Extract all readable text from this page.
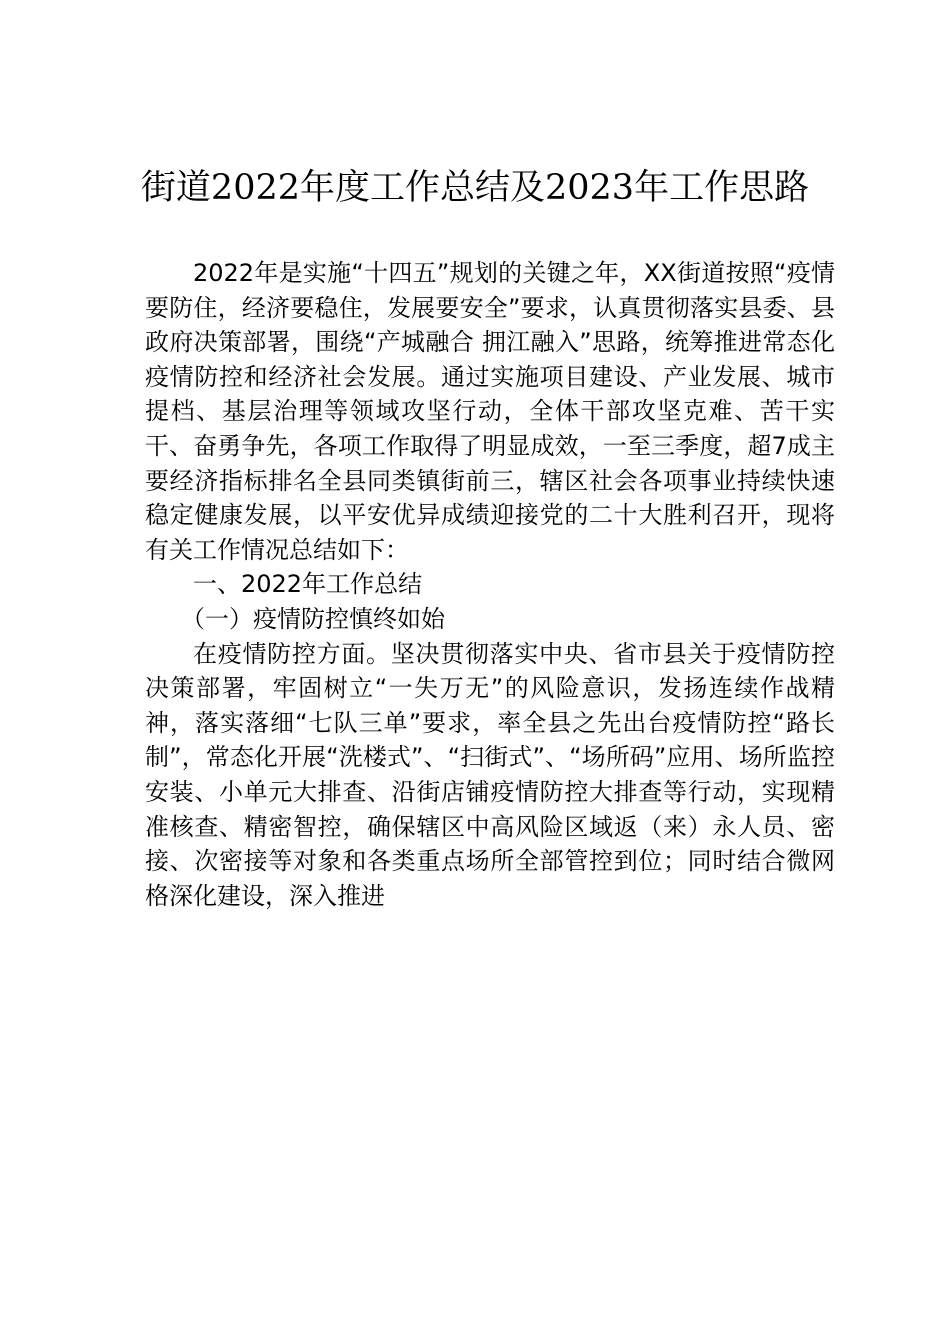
街道2022年度工作总结及2023年工作思路

2022年是实施“十四五”规划的关键之年，XX街道按照“疫情要防住，经济要稳住，发展要安全”要求，认真贯彻落实县委、县政府决策部署，围绕“产城融合 拥江融入”思路，统筹推进常态化疫情防控和经济社会发展。通过实施项目建设、产业发展、城市提档、基层治理等领域攻坚行动，全体干部攻坚克难、苦干实干、奋勇争先，各项工作取得了明显成效，一至三季度，超7成主要经济指标排名全县同类镇街前三，辖区社会各项事业持续快速稳定健康发展，以平安优异成绩迎接党的二十大胜利召开，现将有关工作情况总结如下：

一、2022年工作总结
（一）疫情防控慎终如始

在疫情防控方面。坚决贯彻落实中央、省市县关于疫情防控决策部署，牢固树立“一失万无”的风险意识，发扬连续作战精神，落实落细“七队三单”要求，率全县之先出台疫情防控“路长制”，常态化开展“洗楼式”、“扫街式”、“场所码”应用、场所监控安装、小单元大排查、沿街店铺疫情防控大排查等行动，实现精准核查、精密智控，确保辖区中高风险区域返（来）永人员、密接、次密接等对象和各类重点场所全部管控到位；同时结合微网格深化建设，深入推进
